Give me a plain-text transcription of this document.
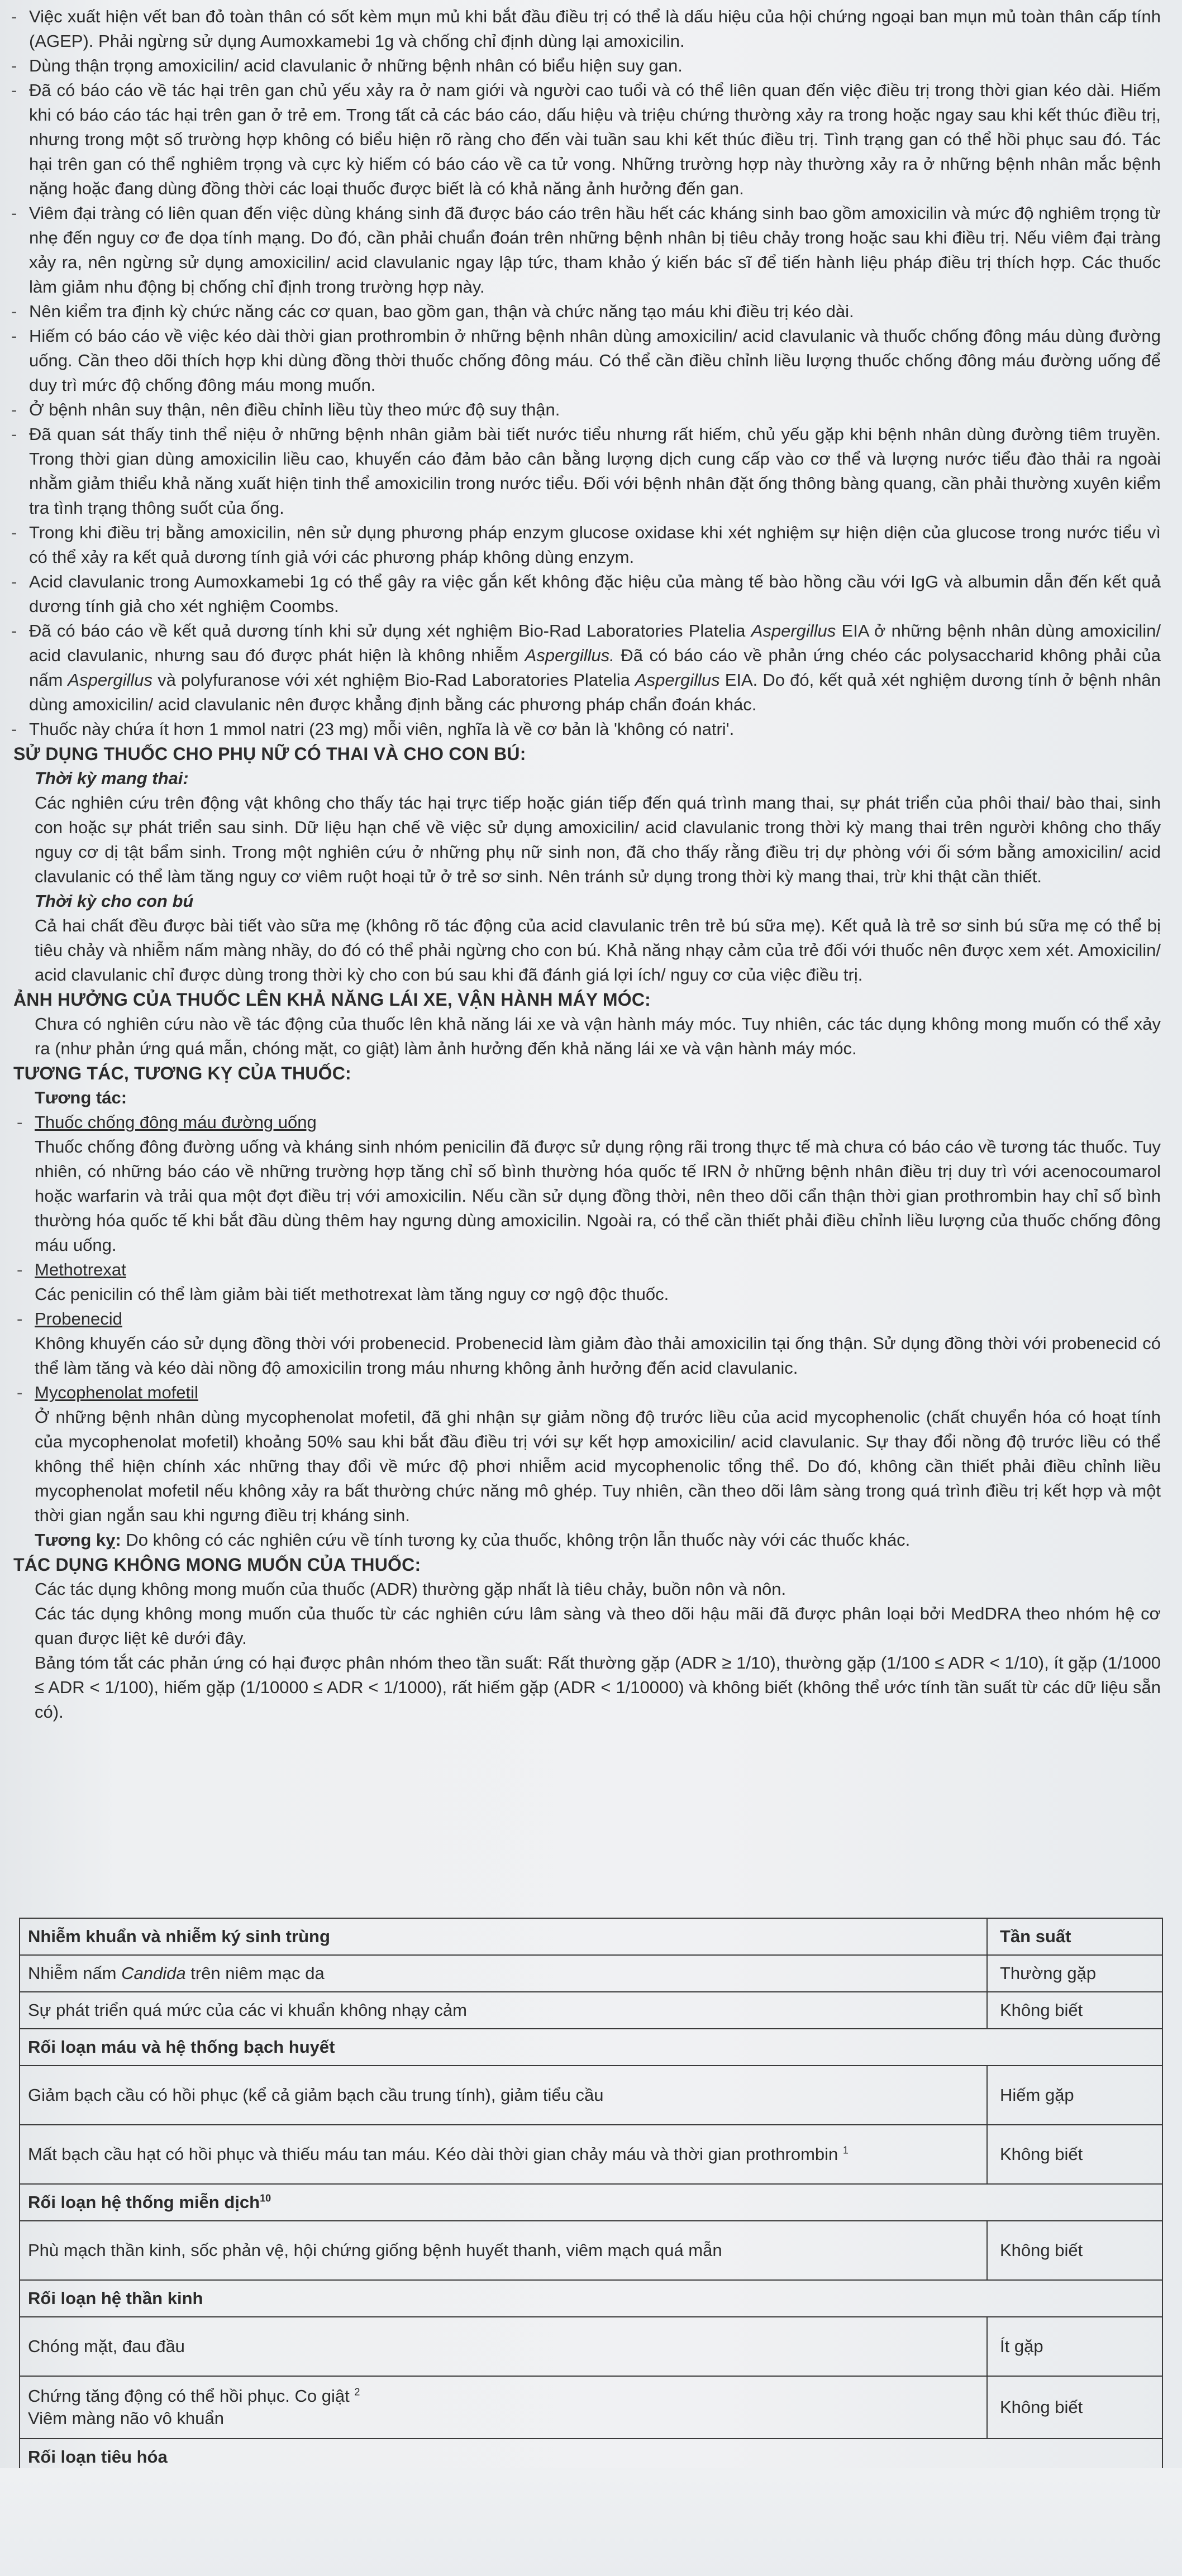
- Việc xuất hiện vết ban đỏ toàn thân có sốt kèm mụn mủ khi bắt đầu điều trị có thể là dấu hiệu của hội chứng ngoại ban mụn mủ toàn thân cấp tính (AGEP). Phải ngừng sử dụng Aumoxkamebi 1g và chống chỉ định dùng lại amoxicilin.

- Dùng thận trọng amoxicilin/ acid clavulanic ở những bệnh nhân có biểu hiện suy gan.

- Đã có báo cáo về tác hại trên gan chủ yếu xảy ra ở nam giới và người cao tuổi và có thể liên quan đến việc điều trị trong thời gian kéo dài. Hiếm khi có báo cáo tác hại trên gan ở trẻ em. Trong tất cả các báo cáo, dấu hiệu và triệu chứng thường xảy ra trong hoặc ngay sau khi kết thúc điều trị, nhưng trong một số trường hợp không có biểu hiện rõ ràng cho đến vài tuần sau khi kết thúc điều trị. Tình trạng gan có thể hồi phục sau đó. Tác hại trên gan có thể nghiêm trọng và cực kỳ hiếm có báo cáo về ca tử vong. Những trường hợp này thường xảy ra ở những bệnh nhân mắc bệnh nặng hoặc đang dùng đồng thời các loại thuốc được biết là có khả năng ảnh hưởng đến gan.

- Viêm đại tràng có liên quan đến việc dùng kháng sinh đã được báo cáo trên hầu hết các kháng sinh bao gồm amoxicilin và mức độ nghiêm trọng từ nhẹ đến nguy cơ đe dọa tính mạng. Do đó, cần phải chuẩn đoán trên những bệnh nhân bị tiêu chảy trong hoặc sau khi điều trị. Nếu viêm đại tràng xảy ra, nên ngừng sử dụng amoxicilin/ acid clavulanic ngay lập tức, tham khảo ý kiến bác sĩ để tiến hành liệu pháp điều trị thích hợp. Các thuốc làm giảm nhu động bị chống chỉ định trong trường hợp này.

- Nên kiểm tra định kỳ chức năng các cơ quan, bao gồm gan, thận và chức năng tạo máu khi điều trị kéo dài.

- Hiếm có báo cáo về việc kéo dài thời gian prothrombin ở những bệnh nhân dùng amoxicilin/ acid clavulanic và thuốc chống đông máu dùng đường uống. Cần theo dõi thích hợp khi dùng đồng thời thuốc chống đông máu. Có thể cần điều chỉnh liều lượng thuốc chống đông máu đường uống để duy trì mức độ chống đông máu mong muốn.

- Ở bệnh nhân suy thận, nên điều chỉnh liều tùy theo mức độ suy thận.

- Đã quan sát thấy tinh thể niệu ở những bệnh nhân giảm bài tiết nước tiểu nhưng rất hiếm, chủ yếu gặp khi bệnh nhân dùng đường tiêm truyền. Trong thời gian dùng amoxicilin liều cao, khuyến cáo đảm bảo cân bằng lượng dịch cung cấp vào cơ thể và lượng nước tiểu đào thải ra ngoài nhằm giảm thiểu khả năng xuất hiện tinh thể amoxicilin trong nước tiểu. Đối với bệnh nhân đặt ống thông bàng quang, cần phải thường xuyên kiểm tra tình trạng thông suốt của ống.

- Trong khi điều trị bằng amoxicilin, nên sử dụng phương pháp enzym glucose oxidase khi xét nghiệm sự hiện diện của glucose trong nước tiểu vì có thể xảy ra kết quả dương tính giả với các phương pháp không dùng enzym.

- Acid clavulanic trong Aumoxkamebi 1g có thể gây ra việc gắn kết không đặc hiệu của màng tế bào hồng cầu với IgG và albumin dẫn đến kết quả dương tính giả cho xét nghiệm Coombs.

- Đã có báo cáo về kết quả dương tính khi sử dụng xét nghiệm Bio-Rad Laboratories Platelia Aspergillus EIA ở những bệnh nhân dùng amoxicilin/ acid clavulanic, nhưng sau đó được phát hiện là không nhiễm Aspergillus. Đã có báo cáo về phản ứng chéo các polysaccharid không phải của nấm Aspergillus và polyfuranose với xét nghiệm Bio-Rad Laboratories Platelia Aspergillus EIA. Do đó, kết quả xét nghiệm dương tính ở bệnh nhân dùng amoxicilin/ acid clavulanic nên được khẳng định bằng các phương pháp chẩn đoán khác.

- Thuốc này chứa ít hơn 1 mmol natri (23 mg) mỗi viên, nghĩa là về cơ bản là 'không có natri'.

SỬ DỤNG THUỐC CHO PHỤ NỮ CÓ THAI VÀ CHO CON BÚ:

Thời kỳ mang thai:

Các nghiên cứu trên động vật không cho thấy tác hại trực tiếp hoặc gián tiếp đến quá trình mang thai, sự phát triển của phôi thai/ bào thai, sinh con hoặc sự phát triển sau sinh. Dữ liệu hạn chế về việc sử dụng amoxicilin/ acid clavulanic trong thời kỳ mang thai trên người không cho thấy nguy cơ dị tật bẩm sinh. Trong một nghiên cứu ở những phụ nữ sinh non, đã cho thấy rằng điều trị dự phòng với ối sớm bằng amoxicilin/ acid clavulanic có thể làm tăng nguy cơ viêm ruột hoại tử ở trẻ sơ sinh. Nên tránh sử dụng trong thời kỳ mang thai, trừ khi thật cần thiết.

Thời kỳ cho con bú

Cả hai chất đều được bài tiết vào sữa mẹ (không rõ tác động của acid clavulanic trên trẻ bú sữa mẹ). Kết quả là trẻ sơ sinh bú sữa mẹ có thể bị tiêu chảy và nhiễm nấm màng nhầy, do đó có thể phải ngừng cho con bú. Khả năng nhạy cảm của trẻ đối với thuốc nên được xem xét. Amoxicilin/ acid clavulanic chỉ được dùng trong thời kỳ cho con bú sau khi đã đánh giá lợi ích/ nguy cơ của việc điều trị.

ẢNH HƯỞNG CỦA THUỐC LÊN KHẢ NĂNG LÁI XE, VẬN HÀNH MÁY MÓC:

Chưa có nghiên cứu nào về tác động của thuốc lên khả năng lái xe và vận hành máy móc. Tuy nhiên, các tác dụng không mong muốn có thể xảy ra (như phản ứng quá mẫn, chóng mặt, co giật) làm ảnh hưởng đến khả năng lái xe và vận hành máy móc.

TƯƠNG TÁC, TƯƠNG KỴ CỦA THUỐC:

Tương tác:

- Thuốc chống đông máu đường uống

Thuốc chống đông đường uống và kháng sinh nhóm penicilin đã được sử dụng rộng rãi trong thực tế mà chưa có báo cáo về tương tác thuốc. Tuy nhiên, có những báo cáo về những trường hợp tăng chỉ số bình thường hóa quốc tế IRN ở những bệnh nhân điều trị duy trì với acenocoumarol hoặc warfarin và trải qua một đợt điều trị với amoxicilin. Nếu cần sử dụng đồng thời, nên theo dõi cẩn thận thời gian prothrombin hay chỉ số bình thường hóa quốc tế khi bắt đầu dùng thêm hay ngưng dùng amoxicilin. Ngoài ra, có thể cần thiết phải điều chỉnh liều lượng của thuốc chống đông máu uống.

- Methotrexat

Các penicilin có thể làm giảm bài tiết methotrexat làm tăng nguy cơ ngộ độc thuốc.

- Probenecid

Không khuyến cáo sử dụng đồng thời với probenecid. Probenecid làm giảm đào thải amoxicilin tại ống thận. Sử dụng đồng thời với probenecid có thể làm tăng và kéo dài nồng độ amoxicilin trong máu nhưng không ảnh hưởng đến acid clavulanic.

- Mycophenolat mofetil

Ở những bệnh nhân dùng mycophenolat mofetil, đã ghi nhận sự giảm nồng độ trước liều của acid mycophenolic (chất chuyển hóa có hoạt tính của mycophenolat mofetil) khoảng 50% sau khi bắt đầu điều trị với sự kết hợp amoxicilin/ acid clavulanic. Sự thay đổi nồng độ trước liều có thể không thể hiện chính xác những thay đổi về mức độ phơi nhiễm acid mycophenolic tổng thể. Do đó, không cần thiết phải điều chỉnh liều mycophenolat mofetil nếu không xảy ra bất thường chức năng mô ghép. Tuy nhiên, cần theo dõi lâm sàng trong quá trình điều trị kết hợp và một thời gian ngắn sau khi ngưng điều trị kháng sinh.

Tương kỵ: Do không có các nghiên cứu về tính tương kỵ của thuốc, không trộn lẫn thuốc này với các thuốc khác.

TÁC DỤNG KHÔNG MONG MUỐN CỦA THUỐC:

Các tác dụng không mong muốn của thuốc (ADR) thường gặp nhất là tiêu chảy, buồn nôn và nôn.

Các tác dụng không mong muốn của thuốc từ các nghiên cứu lâm sàng và theo dõi hậu mãi đã được phân loại bởi MedDRA theo nhóm hệ cơ quan được liệt kê dưới đây.

Bảng tóm tắt các phản ứng có hại được phân nhóm theo tần suất: Rất thường gặp (ADR ≥ 1/10), thường gặp (1/100 ≤ ADR < 1/10), ít gặp (1/1000 ≤ ADR < 1/100), hiếm gặp (1/10000 ≤ ADR < 1/1000), rất hiếm gặp (ADR < 1/10000) và không biết (không thể ước tính tần suất từ các dữ liệu sẵn có).

Nhiễm khuẩn và nhiễm ký sinh trùng	Tần suất
Nhiễm nấm Candida trên niêm mạc da	Thường gặp
Sự phát triển quá mức của các vi khuẩn không nhạy cảm	Không biết
Rối loạn máu và hệ thống bạch huyết	
Giảm bạch cầu có hồi phục (kể cả giảm bạch cầu trung tính), giảm tiểu cầu	Hiếm gặp
Mất bạch cầu hạt có hồi phục và thiếu máu tan máu. Kéo dài thời gian chảy máu và thời gian prothrombin $^1$	Không biết
Rối loạn hệ thống miễn dịch$^{10}$
Phù mạch thần kinh, sốc phản vệ, hội chứng giống bệnh huyết thanh, viêm mạch quá mẫn	Không biết
Rối loạn hệ thần kinh	
Chóng mặt, đau đầu	Ít gặp
Chứng tăng động có thể hồi phục. Co giật $^2$
Viêm màng não vô khuẩn	Không biết
Rối loạn tiêu hóa	
